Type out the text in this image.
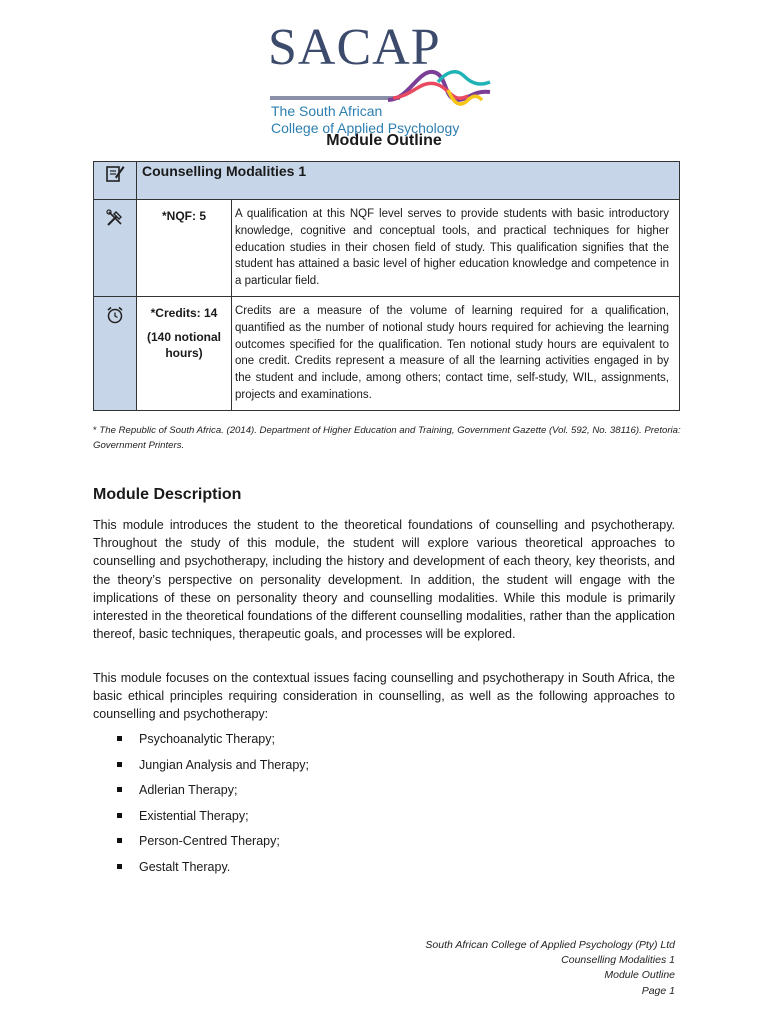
SACAP
The South African
College of Applied Psychology
Module Outline
	Counselling Modalities 1	

	*NQF: 5	A qualification at this NQF level serves to provide students with basic introductory knowledge, cognitive and conceptual tools, and practical techniques for higher education studies in their chosen field of study. This qualification signifies that the student has attained a basic level of higher education knowledge and competence in a particular field.

	*Credits: 14
(140 notional hours)	Credits are a measure of the volume of learning required for a qualification, quantified as the number of notional study hours required for achieving the learning outcomes specified for the qualification. Ten notional study hours are equivalent to one credit. Credits represent a measure of all the learning activities engaged in by the student and include, among others; contact time, self-study, WIL, assignments, projects and examinations.
* The Republic of South Africa. (2014). Department of Higher Education and Training, Government Gazette (Vol. 592, No. 38116). Pretoria: Government Printers.
Module Description
This module introduces the student to the theoretical foundations of counselling and psychotherapy. Throughout the study of this module, the student will explore various theoretical approaches to counselling and psychotherapy, including the history and development of each theory, key theorists, and the theory’s perspective on personality development. In addition, the student will engage with the implications of these on personality theory and counselling modalities. While this module is primarily interested in the theoretical foundations of the different counselling modalities, rather than the application thereof, basic techniques, therapeutic goals, and processes will be explored.
This module focuses on the contextual issues facing counselling and psychotherapy in South Africa, the basic ethical principles requiring consideration in counselling, as well as the following approaches to counselling and psychotherapy:
Psychoanalytic Therapy;
Jungian Analysis and Therapy;
Adlerian Therapy;
Existential Therapy;
Person-Centred Therapy;
Gestalt Therapy.
South African College of Applied Psychology (Pty) Ltd
Counselling Modalities 1
Module Outline
Page 1
